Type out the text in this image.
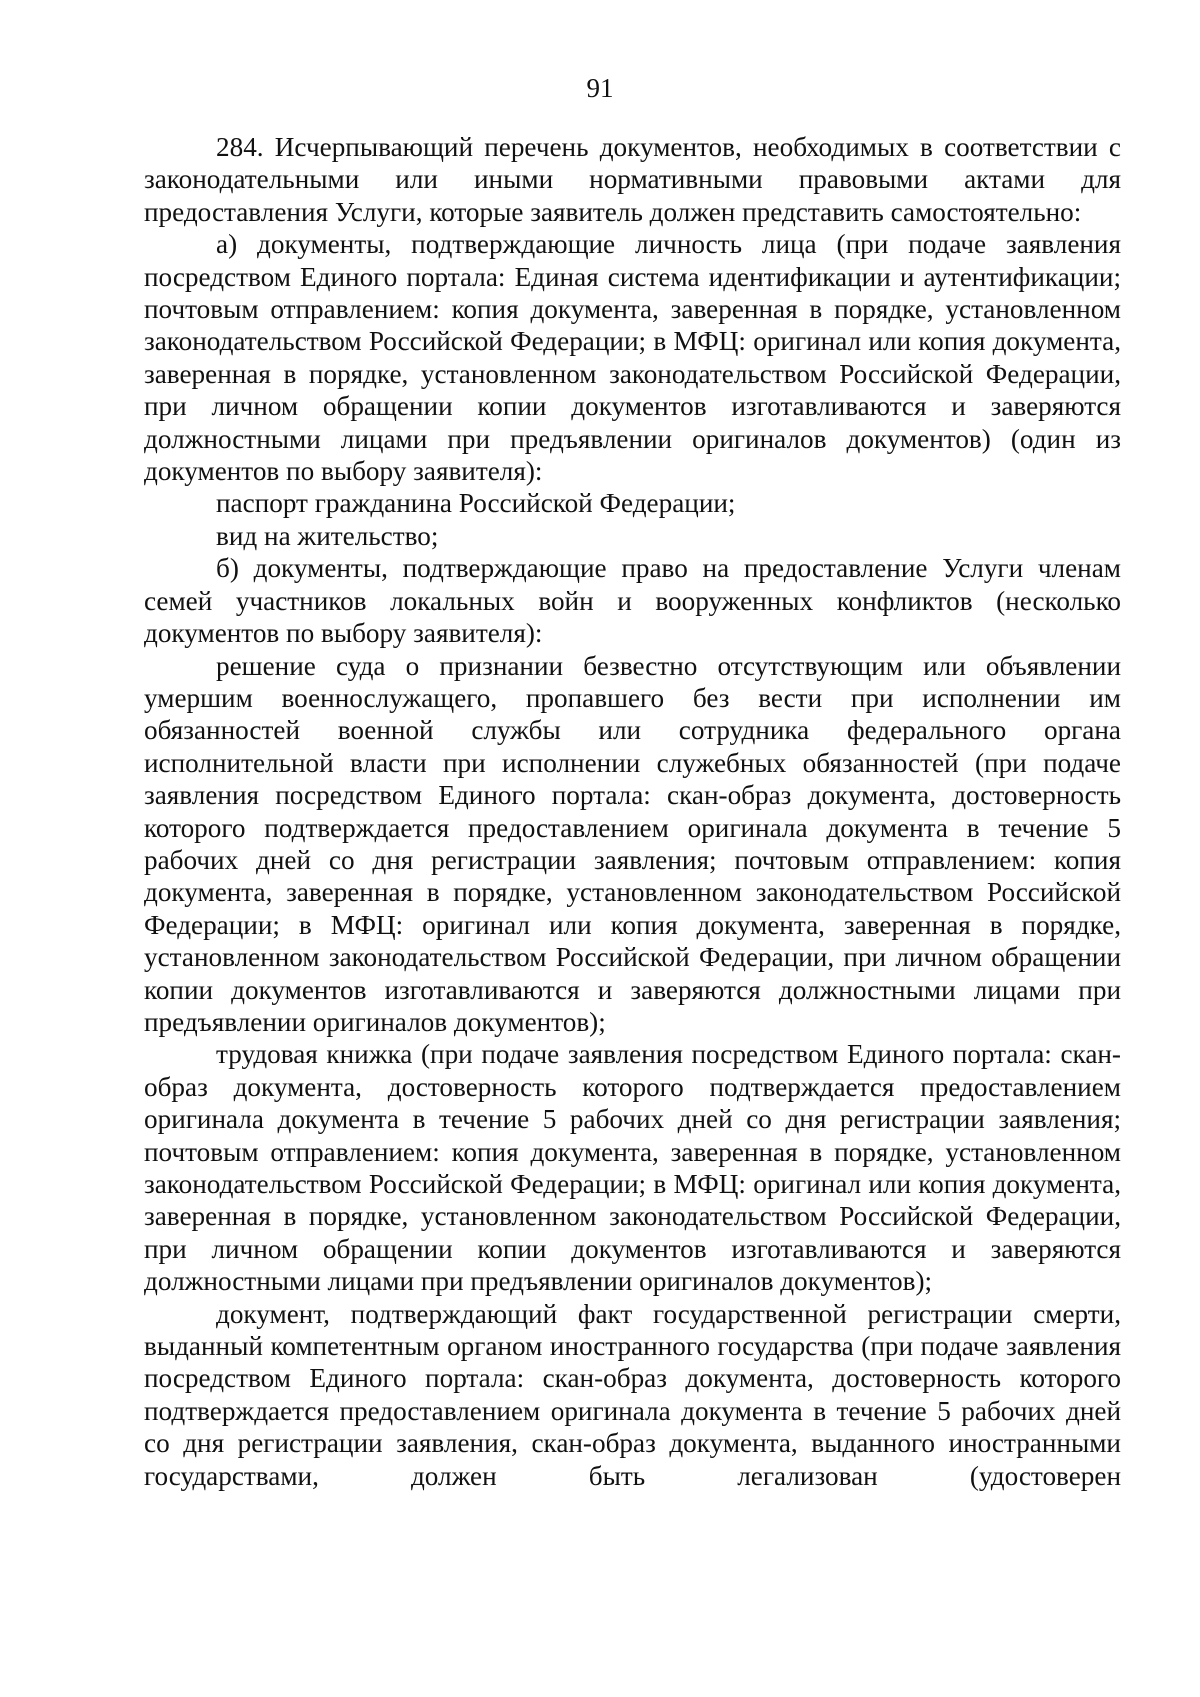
91

284. Исчерпывающий перечень документов, необходимых в соответствии с законодательными или иными нормативными правовыми актами для предоставления Услуги, которые заявитель должен представить самостоятельно:

а) документы, подтверждающие личность лица (при подаче заявления посредством Единого портала: Единая система идентификации и аутентификации; почтовым отправлением: копия документа, заверенная в порядке, установленном законодательством Российской Федерации; в МФЦ: оригинал или копия документа, заверенная в порядке, установленном законодательством Российской Федерации, при личном обращении копии документов изготавливаются и заверяются должностными лицами при предъявлении оригиналов документов) (один из документов по выбору заявителя):

паспорт гражданина Российской Федерации;

вид на жительство;

б) документы, подтверждающие право на предоставление Услуги членам семей участников локальных войн и вооруженных конфликтов (несколько документов по выбору заявителя):

решение суда о признании безвестно отсутствующим или объявлении умершим военнослужащего, пропавшего без вести при исполнении им обязанностей военной службы или сотрудника федерального органа исполнительной власти при исполнении служебных обязанностей (при подаче заявления посредством Единого портала: скан-образ документа, достоверность которого подтверждается предоставлением оригинала документа в течение 5 рабочих дней со дня регистрации заявления; почтовым отправлением: копия документа, заверенная в порядке, установленном законодательством Российской Федерации; в МФЦ: оригинал или копия документа, заверенная в порядке, установленном законодательством Российской Федерации, при личном обращении копии документов изготавливаются и заверяются должностными лицами при предъявлении оригиналов документов);

трудовая книжка (при подаче заявления посредством Единого портала: скан-образ документа, достоверность которого подтверждается предоставлением оригинала документа в течение 5 рабочих дней со дня регистрации заявления; почтовым отправлением: копия документа, заверенная в порядке, установленном законодательством Российской Федерации; в МФЦ: оригинал или копия документа, заверенная в порядке, установленном законодательством Российской Федерации, при личном обращении копии документов изготавливаются и заверяются должностными лицами при предъявлении оригиналов документов);

документ, подтверждающий факт государственной регистрации смерти, выданный компетентным органом иностранного государства (при подаче заявления посредством Единого портала: скан-образ документа, достоверность которого подтверждается предоставлением оригинала документа в течение 5 рабочих дней со дня регистрации заявления, скан-образ документа, выданного иностранными государствами, должен быть легализован (удостоверен
